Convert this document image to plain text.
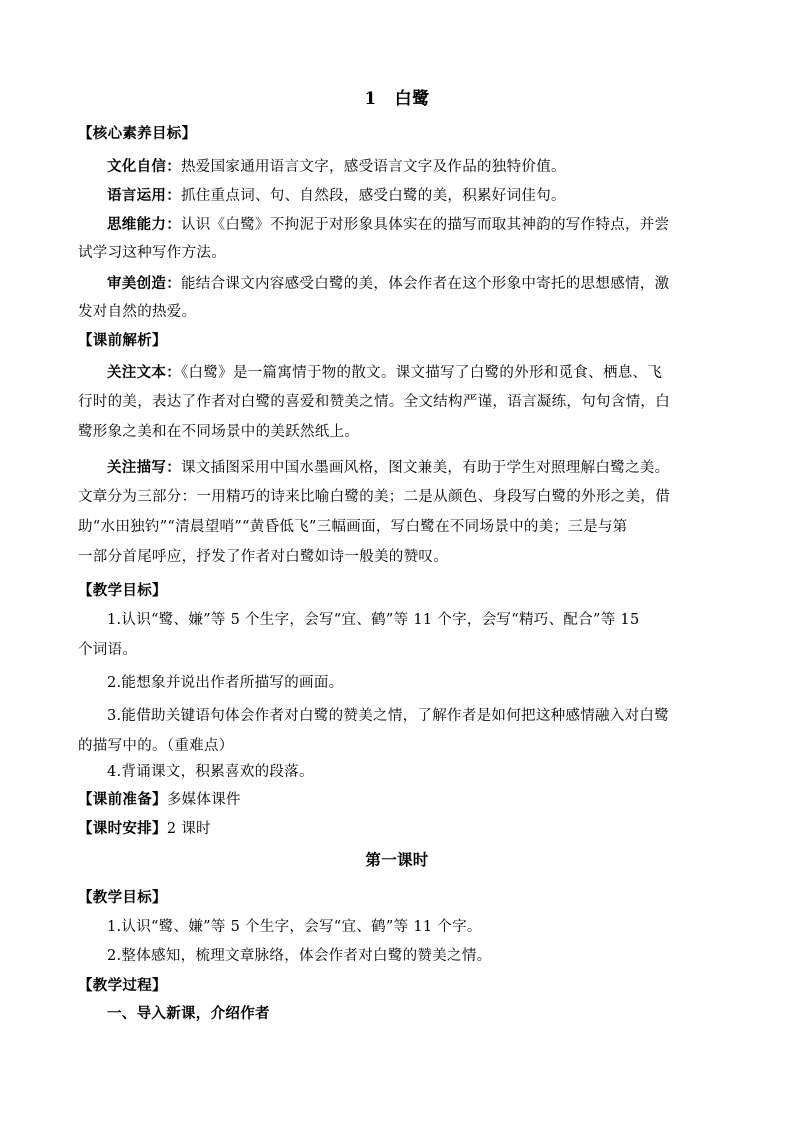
1 白鹭
【核心素养目标】
文化自信：热爱国家通用语言文字，感受语言文字及作品的独特价值。
语言运用：抓住重点词、句、自然段，感受白鹭的美，积累好词佳句。
思维能力：认识《白鹭》不拘泥于对形象具体实在的描写而取其神韵的写作特点，并尝
试学习这种写作方法。
审美创造：能结合课文内容感受白鹭的美，体会作者在这个形象中寄托的思想感情，激
发对自然的热爱。
【课前解析】
关注文本：《白鹭》是一篇寓情于物的散文。课文描写了白鹭的外形和觅食、栖息、飞
行时的美，表达了作者对白鹭的喜爱和赞美之情。全文结构严谨，语言凝练，句句含情，白
鹭形象之美和在不同场景中的美跃然纸上。
关注描写：课文插图采用中国水墨画风格，图文兼美，有助于学生对照理解白鹭之美。
文章分为三部分：一用精巧的诗来比喻白鹭的美；二是从颜色、身段写白鹭的外形之美，借
助“水田独钓”“清晨望哨”“黄昏低飞”三幅画面，写白鹭在不同场景中的美；三是与第
一部分首尾呼应，抒发了作者对白鹭如诗一般美的赞叹。
【教学目标】
1.认识“鹭、嫌”等 5 个生字，会写“宜、鹤”等 11 个字，会写“精巧、配合”等 15
个词语。
2.能想象并说出作者所描写的画面。
3.能借助关键语句体会作者对白鹭的赞美之情，了解作者是如何把这种感情融入对白鹭
的描写中的。（重难点）
4.背诵课文，积累喜欢的段落。
【课前准备】多媒体课件
【课时安排】2 课时
第一课时
【教学目标】
1.认识“鹭、嫌”等 5 个生字，会写“宜、鹤”等 11 个字。
2.整体感知，梳理文章脉络，体会作者对白鹭的赞美之情。
【教学过程】
一、导入新课，介绍作者
